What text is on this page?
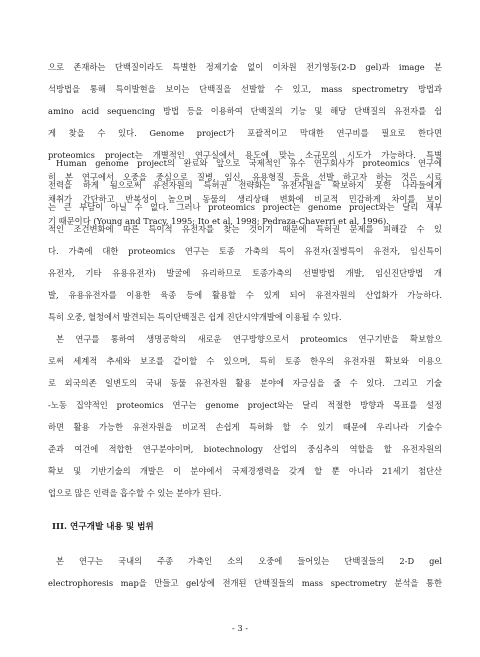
으로 존재하는 단백질이라도 특별한 정제기술 없이 이차원 전기영동(2-D gel)과 image 분
석방법을 통해 특이발현을 보이는 단백질을 선발할 수 있고, mass spectrometry 방법과
amino acid sequencing 방법 등을 이용하여 단백질의 기능 및 해당 단백질의 유전자를 쉽
게 찾을 수 있다. Genome project가 포괄적이고 막대한 연구비를 필요로 한다면
proteomics project는 개별적인 연구실에서 용도에 맞는 소규모의 시도가 가능하다. 특별
히 본 연구에서 오중을 중심으로 질병, 임신, 유용형질 등을 선발 하고자 하는 것은 시료
채취가 간단하고 반복성이 높으며 동물의 생리상태 변화에 비교적 민감하게 차이를 보이
기 때문이다 (Young and Tracy, 1995; Ito et al, 1998; Pedraza-Chaverri et al, 1996).
Human genome project의 완료와 앞으로 국제적인 유수 연구회사가 proteomics 연구에
전력을 하게 됨으로써 유전자원의 특허권 전략화는 유전자원을 확보하지 못한 나라들에게
는 큰 부담이 아닐 수 없다. 그러나 proteomics project는 genome project와는 달리 새부
적인 조건변화에 따른 특이적 유전자를 찾는 것이기 때문에 특허권 문제를 피해갈 수 있
다. 가축에 대한 proteomics 연구는 토종 가축의 특이 유전자(질병특이 유전자, 임신특이
유전자, 기타 유용유전자) 발굴에 유리하므로 토종가축의 선별방법 개발, 임신진단방법 개
발, 유용유전자를 이용한 육종 등에 활용할 수 있게 되어 유전자원의 산업화가 가능하다.
특히 오중, 혈청에서 발견되는 특이단백질은 쉽게 진단시약개발에 이용될 수 있다.
본 연구를 통하여 생명공학의 새로운 연구방향으로서 proteomics 연구기반을 확보함으
로써 세계적 추세와 보조를 같이할 수 있으며, 특히 토종 한우의 유전자원 확보와 이용으
로 외국의존 일변도의 국내 동물 유전자원 활용 분야에 자긍심을 줄 수 있다. 그리고 기술
-노동 집약적인 proteomics 연구는 genome project와는 달리 적절한 방향과 목표를 설정
하면 활용 가능한 유전자원을 비교적 손쉽게 특허화 할 수 있기 때문에 우리나라 기술수
준과 여건에 적합한 연구분야이며, biotechnology 산업의 중심추의 역할을 할 유전자원의
확보 및 기반기술의 개발은 이 분야에서 국제경쟁력을 갖게 할 뿐 아니라 21세기 첨단산
업으로 많은 인력을 흡수할 수 있는 분야가 된다.
III. 연구개발 내용 및 범위
본 연구는 국내의 주종 가축인 소의 오중에 들어있는 단백질들의 2-D gel
electrophoresis map을 만들고 gel상에 전개된 단백질들의 mass spectrometry 분석을 통한
- 3 -
